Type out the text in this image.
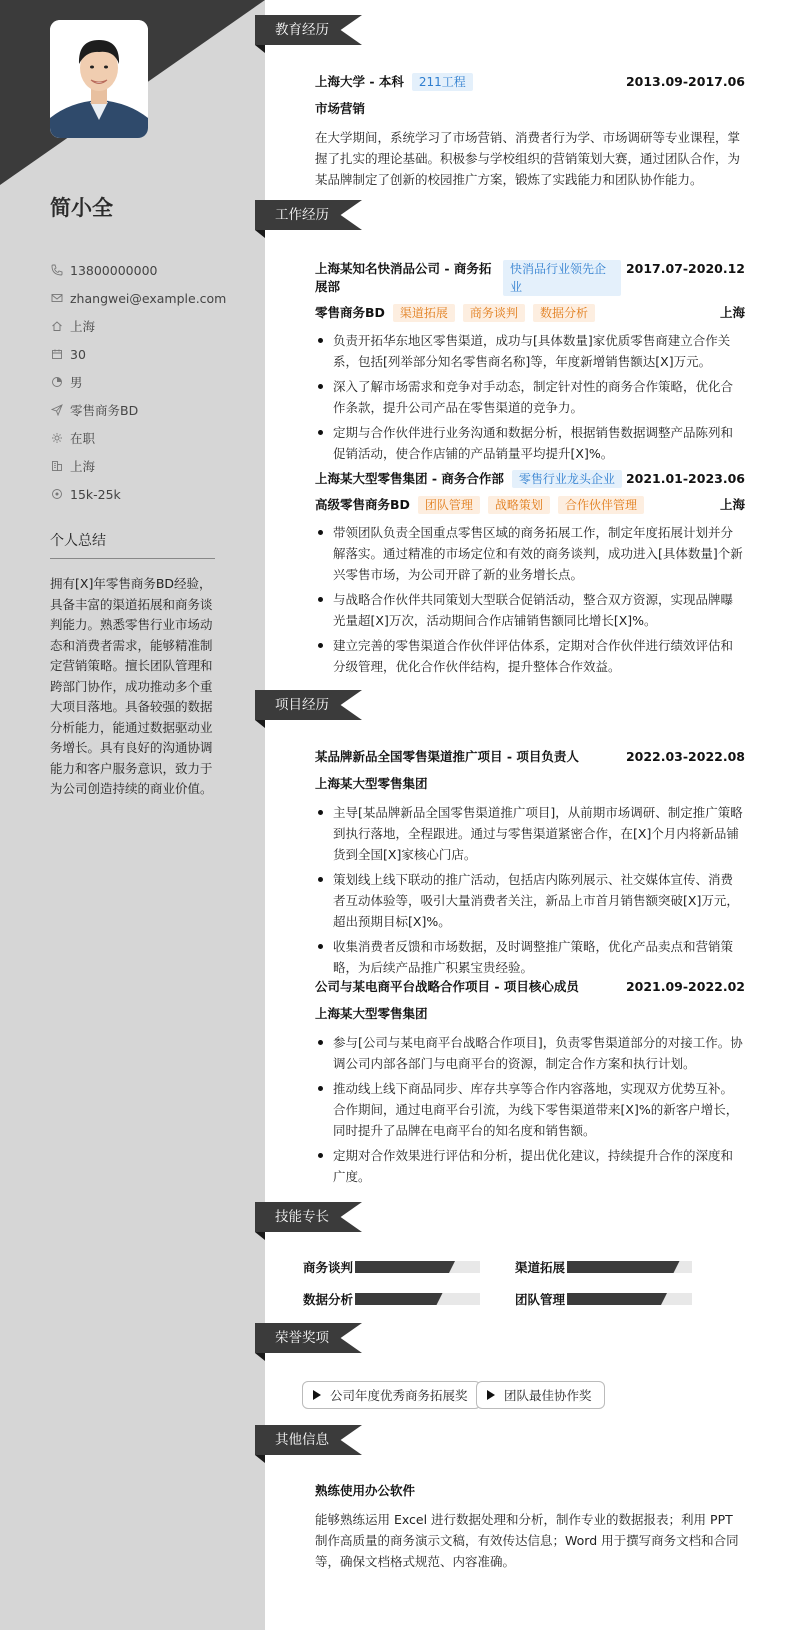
简小全
13800000000
zhangwei@example.com
上海
30
男
零售商务BD
在职
上海
15k-25k
个人总结
拥有[X]年零售商务BD经验，具备丰富的渠道拓展和商务谈判能力。熟悉零售行业市场动态和消费者需求，能够精准制定营销策略。擅长团队管理和跨部门协作，成功推动多个重大项目落地。具备较强的数据分析能力，能通过数据驱动业务增长。具有良好的沟通协调能力和客户服务意识，致力于为公司创造持续的商业价值。
教育经历
上海大学 - 本科	211工程	2013.09-2017.06
市场营销
在大学期间，系统学习了市场营销、消费者行为学、市场调研等专业课程，掌握了扎实的理论基础。积极参与学校组织的营销策划大赛，通过团队合作，为某品牌制定了创新的校园推广方案，锻炼了实践能力和团队协作能力。
工作经历
上海某知名快消品公司 - 商务拓展部
快消品行业领先企业
2017.07-2020.12
零售商务BD	渠道拓展	商务谈判	数据分析	上海
负责开拓华东地区零售渠道，成功与[具体数量]家优质零售商建立合作关系，包括[列举部分知名零售商名称]等，年度新增销售额达[X]万元。
深入了解市场需求和竞争对手动态，制定针对性的商务合作策略，优化合作条款，提升公司产品在零售渠道的竞争力。
定期与合作伙伴进行业务沟通和数据分析，根据销售数据调整产品陈列和促销活动，使合作店铺的产品销量平均提升[X]%。
上海某大型零售集团 - 商务合作部	零售行业龙头企业 2021.01-2023.06
高级零售商务BD	团队管理	战略策划	合作伙伴管理	上海
带领团队负责全国重点零售区域的商务拓展工作，制定年度拓展计划并分解落实。通过精准的市场定位和有效的商务谈判，成功进入[具体数量]个新兴零售市场，为公司开辟了新的业务增长点。
与战略合作伙伴共同策划大型联合促销活动，整合双方资源，实现品牌曝光量超[X]万次，活动期间合作店铺销售额同比增长[X]%。
建立完善的零售渠道合作伙伴评估体系，定期对合作伙伴进行绩效评估和分级管理，优化合作伙伴结构，提升整体合作效益。
项目经历
某品牌新品全国零售渠道推广项目 - 项目负责人	2022.03-2022.08
上海某大型零售集团
主导[某品牌新品全国零售渠道推广项目]，从前期市场调研、制定推广策略到执行落地，全程跟进。通过与零售渠道紧密合作，在[X]个月内将新品铺货到全国[X]家核心门店。
策划线上线下联动的推广活动，包括店内陈列展示、社交媒体宣传、消费者互动体验等，吸引大量消费者关注，新品上市首月销售额突破[X]万元，超出预期目标[X]%。
收集消费者反馈和市场数据，及时调整推广策略，优化产品卖点和营销策略，为后续产品推广积累宝贵经验。
公司与某电商平台战略合作项目 - 项目核心成员	2021.09-2022.02
上海某大型零售集团
参与[公司与某电商平台战略合作项目]，负责零售渠道部分的对接工作。协调公司内部各部门与电商平台的资源，制定合作方案和执行计划。
推动线上线下商品同步、库存共享等合作内容落地，实现双方优势互补。合作期间，通过电商平台引流，为线下零售渠道带来[X]%的新客户增长，同时提升了品牌在电商平台的知名度和销售额。
定期对合作效果进行评估和分析，提出优化建议，持续提升合作的深度和广度。
技能专长
商务谈判	渠道拓展
数据分析	团队管理
荣誉奖项
公司年度优秀商务拓展奖	团队最佳协作奖
其他信息
熟练使用办公软件
能够熟练运用 Excel 进行数据处理和分析，制作专业的数据报表；利用 PPT 制作高质量的商务演示文稿，有效传达信息；Word 用于撰写商务文档和合同等，确保文档格式规范、内容准确。
